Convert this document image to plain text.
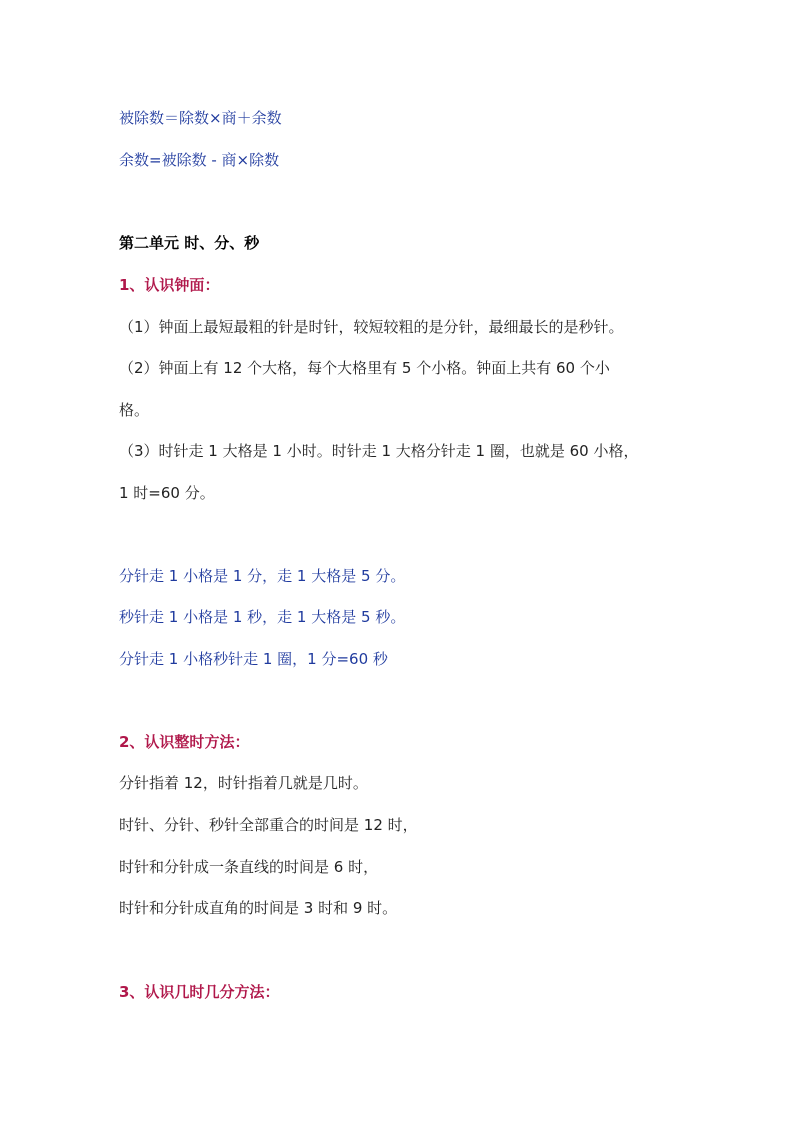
被除数＝除数×商＋余数
余数=被除数 - 商×除数
第二单元 时、分、秒
1、认识钟面：
（1）钟面上最短最粗的针是时针，较短较粗的是分针，最细最长的是秒针。
（2）钟面上有 12 个大格，每个大格里有 5 个小格。钟面上共有 60 个小
格。
（3）时针走 1 大格是 1 小时。时针走 1 大格分针走 1 圈，也就是 60 小格，
1 时=60 分。
分针走 1 小格是 1 分，走 1 大格是 5 分。
秒针走 1 小格是 1 秒，走 1 大格是 5 秒。
分针走 1 小格秒针走 1 圈，1 分=60 秒
2、认识整时方法：
分针指着 12，时针指着几就是几时。
时针、分针、秒针全部重合的时间是 12 时，
时针和分针成一条直线的时间是 6 时，
时针和分针成直角的时间是 3 时和 9 时。
3、认识几时几分方法：
